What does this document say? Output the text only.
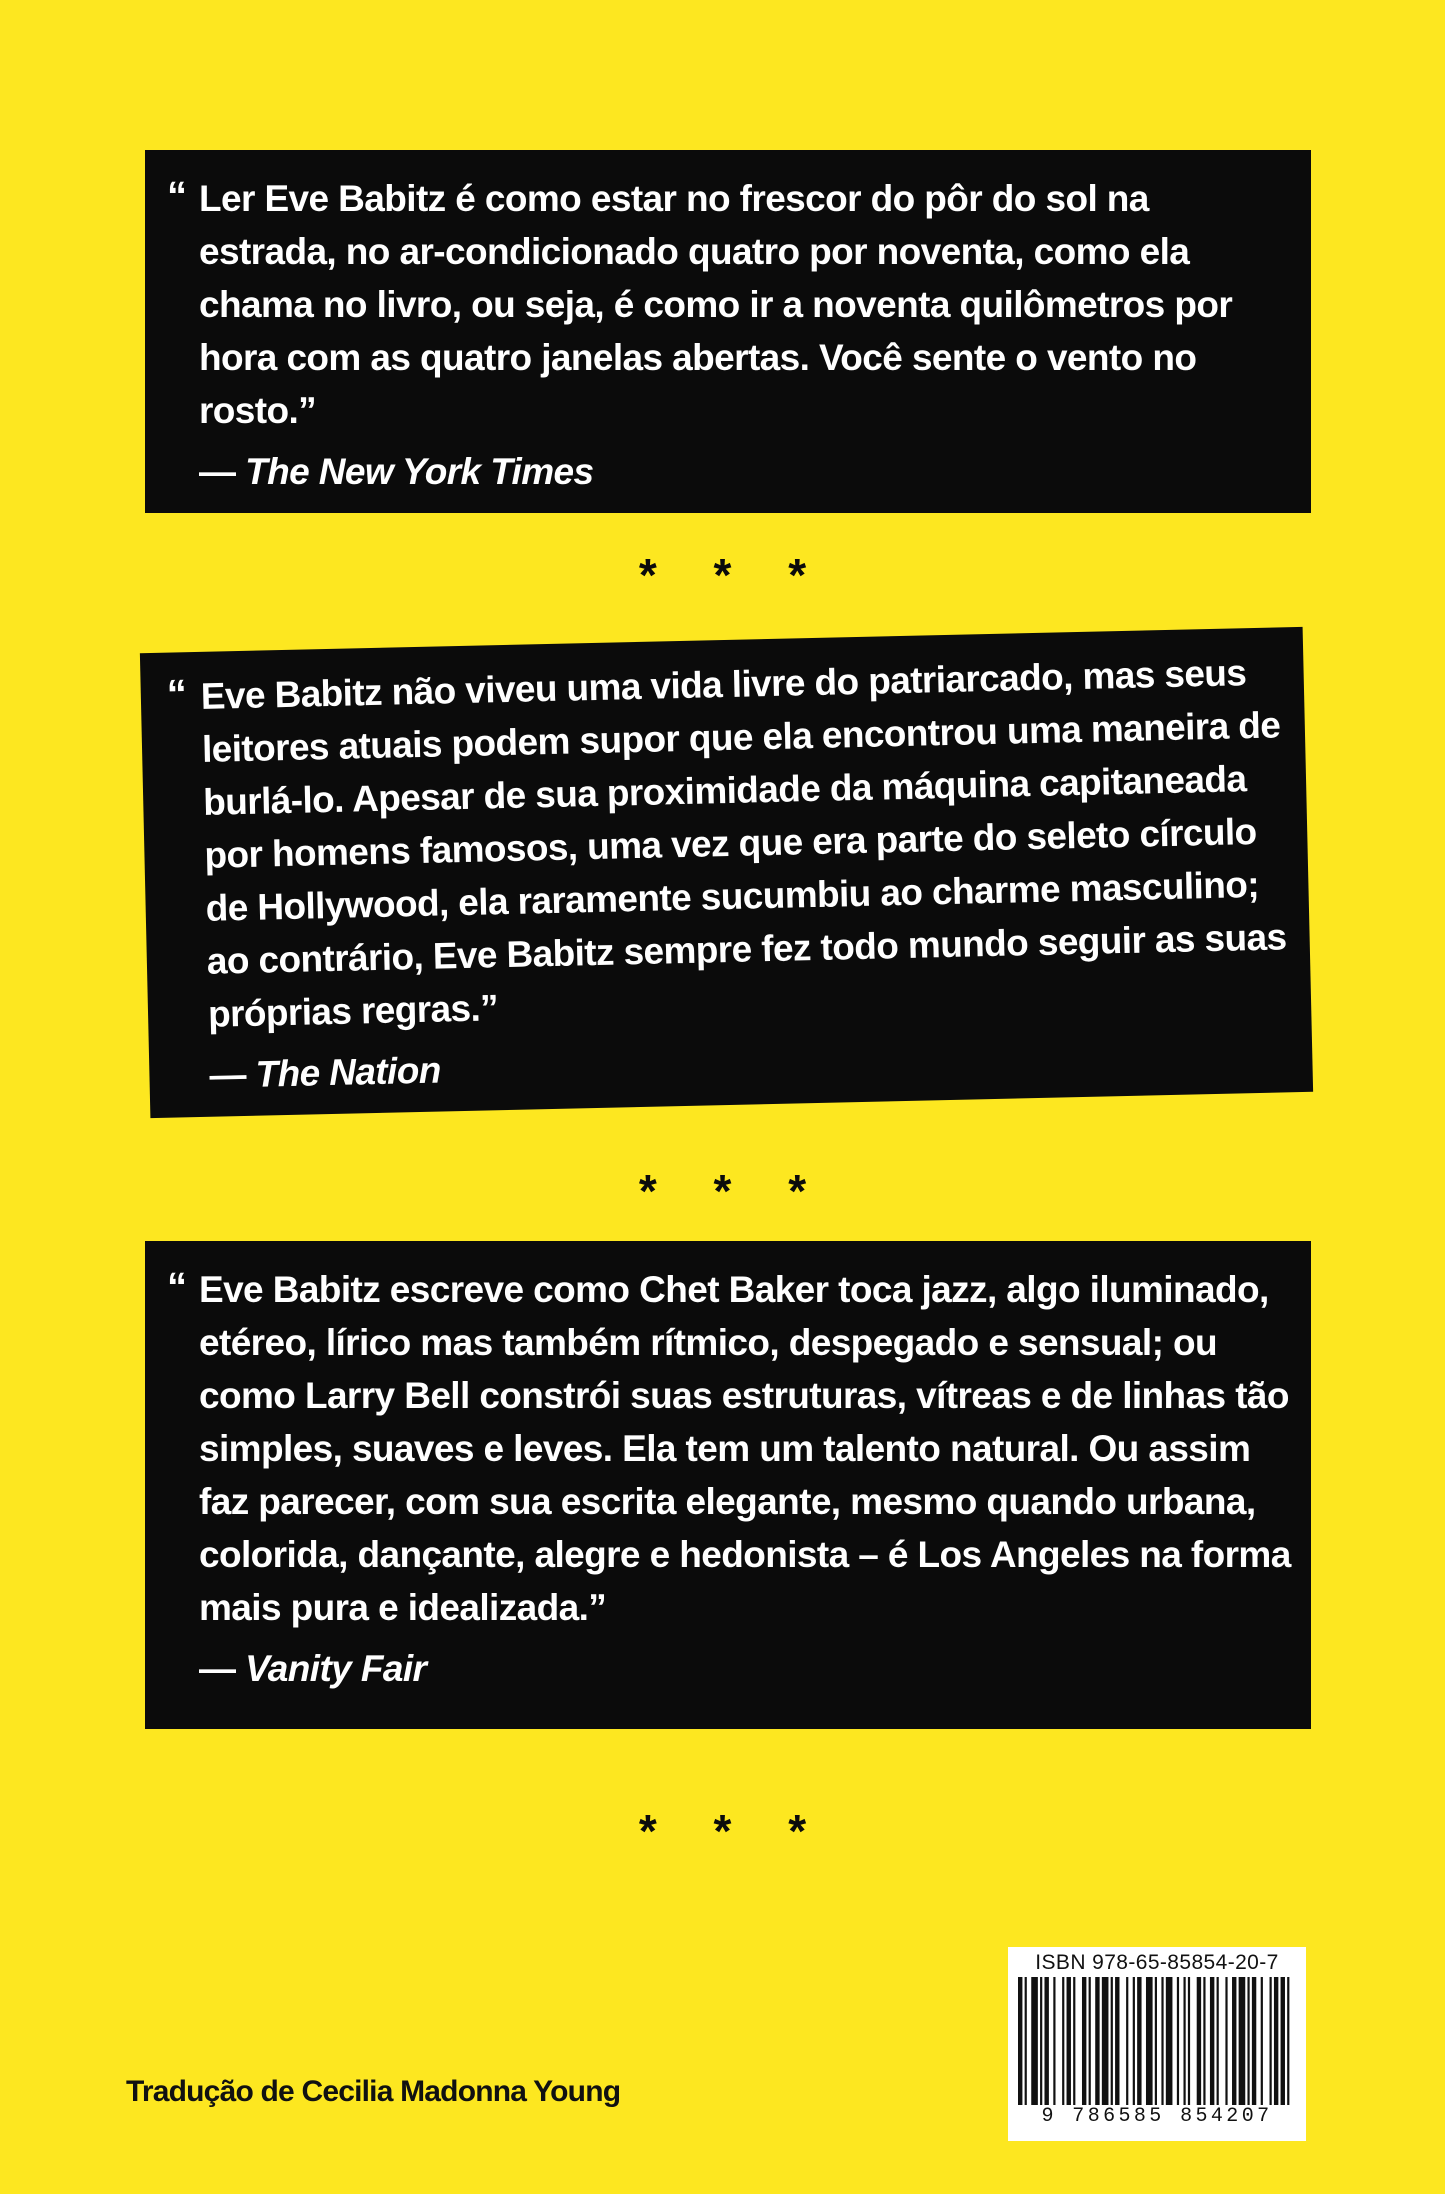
“ Ler Eve Babitz é como estar no frescor do pôr do sol na estrada, no ar-condicionado quatro por noventa, como ela chama no livro, ou seja, é como ir a noventa quilômetros por hora com as quatro janelas abertas. Você sente o vento no rosto.”

— The New York Times
* * *
“ Eve Babitz não viveu uma vida livre do patriarcado, mas seus leitores atuais podem supor que ela encontrou uma maneira de burlá-lo. Apesar de sua proximidade da máquina capitaneada por homens famosos, uma vez que era parte do seleto círculo de Hollywood, ela raramente sucumbiu ao charme masculino; ao contrário, Eve Babitz sempre fez todo mundo seguir as suas próprias regras.”

— The Nation
* * *
“ Eve Babitz escreve como Chet Baker toca jazz, algo iluminado, etéreo, lírico mas também rítmico, despegado e sensual; ou como Larry Bell constrói suas estruturas, vítreas e de linhas tão simples, suaves e leves. Ela tem um talento natural. Ou assim faz parecer, com sua escrita elegante, mesmo quando urbana, colorida, dançante, alegre e hedonista – é Los Angeles na forma mais pura e idealizada.”

— Vanity Fair
* * *

Tradução de Cecilia Madonna Young

ISBN 978-65-85854-20-7

9 786585 854207
